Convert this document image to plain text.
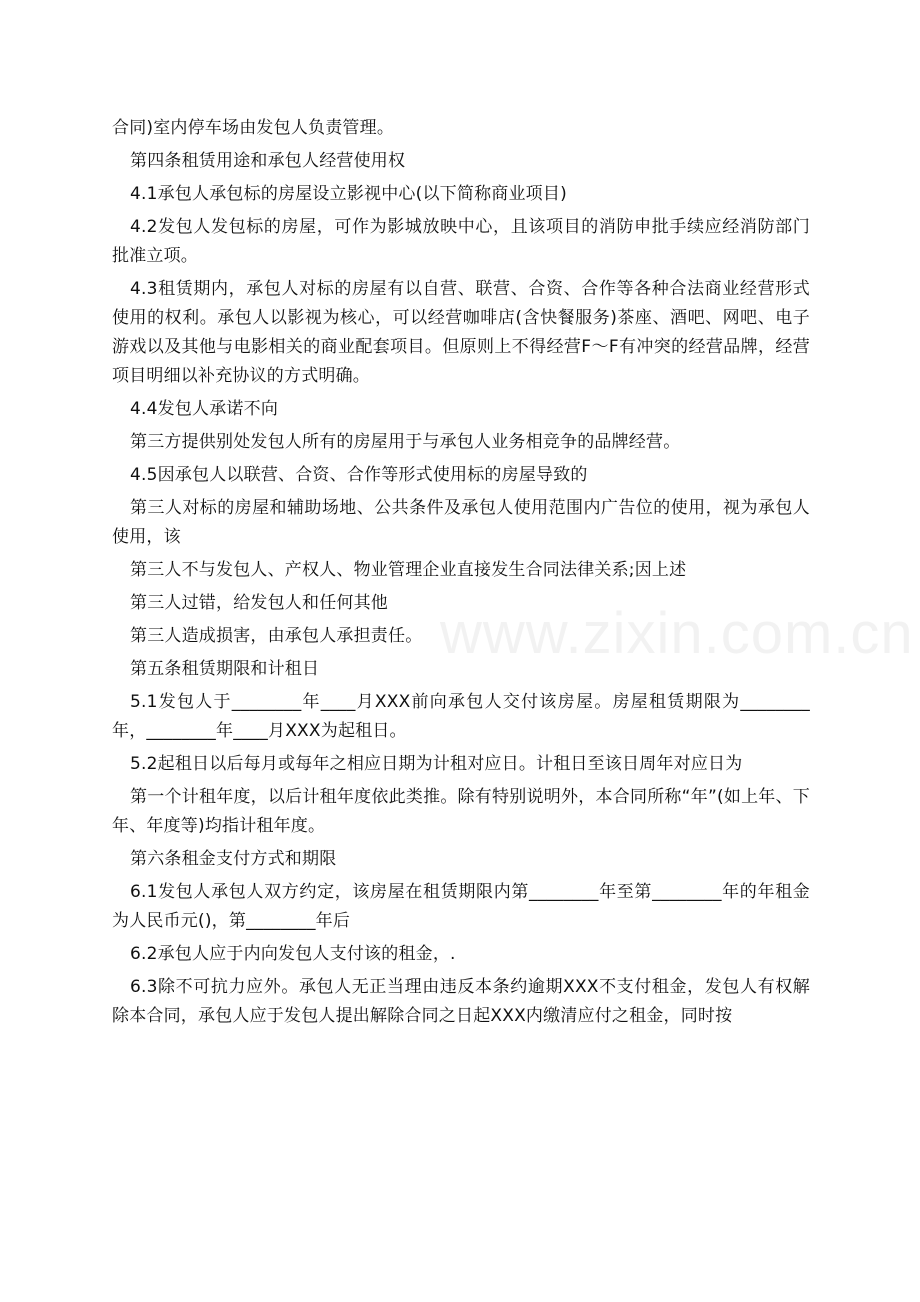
www.zixin.com.cn

合同)室内停车场由发包人负责管理。

第四条租赁用途和承包人经营使用权

4.1承包人承包标的房屋设立影视中心(以下简称商业项目)

4.2发包人发包标的房屋，可作为影城放映中心，且该项目的消防申批手续应经消防部门批准立项。

4.3租赁期内，承包人对标的房屋有以自营、联营、合资、合作等各种合法商业经营形式使用的权利。承包人以影视为核心，可以经营咖啡店(含快餐服务)茶座、酒吧、网吧、电子游戏以及其他与电影相关的商业配套项目。但原则上不得经营F～F有冲突的经营品牌，经营项目明细以补充协议的方式明确。

4.4发包人承诺不向

第三方提供别处发包人所有的房屋用于与承包人业务相竞争的品牌经营。

4.5因承包人以联营、合资、合作等形式使用标的房屋导致的

第三人对标的房屋和辅助场地、公共条件及承包人使用范围内广告位的使用，视为承包人使用，该

第三人不与发包人、产权人、物业管理企业直接发生合同法律关系;因上述

第三人过错，给发包人和任何其他

第三人造成损害，由承包人承担责任。

第五条租赁期限和计租日

5.1发包人于________年____月XXX前向承包人交付该房屋。房屋租赁期限为________年，________年____月XXX为起租日。

5.2起租日以后每月或每年之相应日期为计租对应日。计租日至该日周年对应日为

第一个计租年度，以后计租年度依此类推。除有特别说明外，本合同所称“年”(如上年、下年、年度等)均指计租年度。

第六条租金支付方式和期限

6.1发包人承包人双方约定，该房屋在租赁期限内第________年至第________年的年租金为人民币元()，第________年后

6.2承包人应于内向发包人支付该的租金，.

6.3除不可抗力应外。承包人无正当理由违反本条约逾期XXX不支付租金，发包人有权解除本合同，承包人应于发包人提出解除合同之日起XXX内缴清应付之租金，同时按
